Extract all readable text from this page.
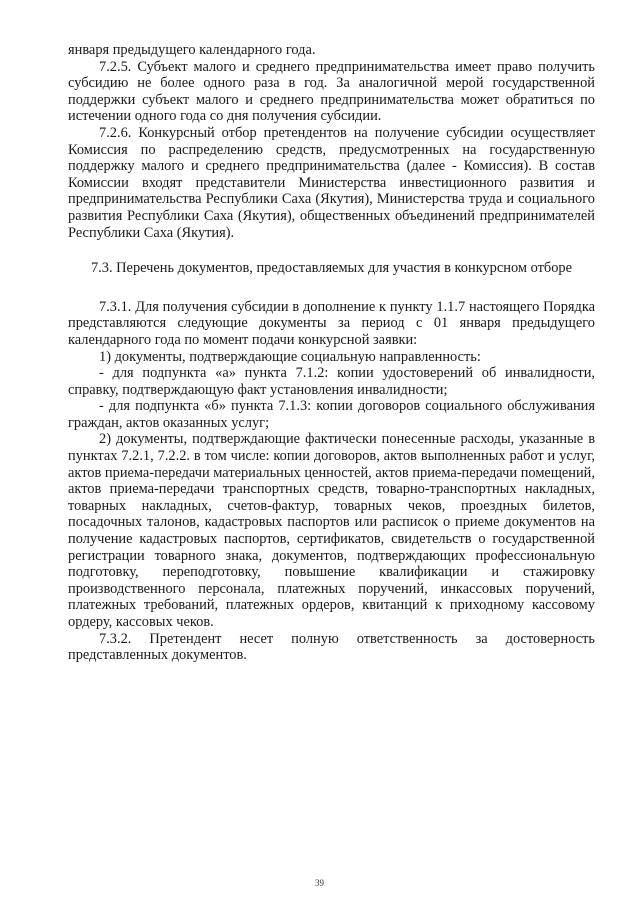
января предыдущего календарного года.

7.2.5. Субъект малого и среднего предпринимательства имеет право получить субсидию не более одного раза в год. За аналогичной мерой государственной поддержки субъект малого и среднего предпринимательства может обратиться по истечении одного года со дня получения субсидии.

7.2.6. Конкурсный отбор претендентов на получение субсидии осуществляет Комиссия по распределению средств, предусмотренных на государственную поддержку малого и среднего предпринимательства (далее - Комиссия). В состав Комиссии входят представители Министерства инвестиционного развития и предпринимательства Республики Саха (Якутия), Министерства труда и социального развития Республики Саха (Якутия), общественных объединений предпринимателей Республики Саха (Якутия).

7.3. Перечень документов, предоставляемых для участия в конкурсном отборе

7.3.1. Для получения субсидии в дополнение к пункту 1.1.7 настоящего Порядка представляются следующие документы за период с 01 января предыдущего календарного года по момент подачи конкурсной заявки:

1) документы, подтверждающие социальную направленность:

- для подпункта «а» пункта 7.1.2: копии удостоверений об инвалидности, справку, подтверждающую факт установления инвалидности;

- для подпункта «б» пункта 7.1.3: копии договоров социального обслуживания граждан, актов оказанных услуг;

2) документы, подтверждающие фактически понесенные расходы, указанные в пунктах 7.2.1, 7.2.2. в том числе: копии договоров, актов выполненных работ и услуг, актов приема-передачи материальных ценностей, актов приема-передачи помещений, актов приема-передачи транспортных средств, товарно-транспортных накладных, товарных накладных, счетов-фактур, товарных чеков, проездных билетов, посадочных талонов, кадастровых паспортов или расписок о приеме документов на получение кадастровых паспортов, сертификатов, свидетельств о государственной регистрации товарного знака, документов, подтверждающих профессиональную подготовку, переподготовку, повышение квалификации и стажировку производственного персонала, платежных поручений, инкассовых поручений, платежных требований, платежных ордеров, квитанций к приходному кассовому ордеру, кассовых чеков.

7.3.2. Претендент несет полную ответственность за достоверность представленных документов.

39
